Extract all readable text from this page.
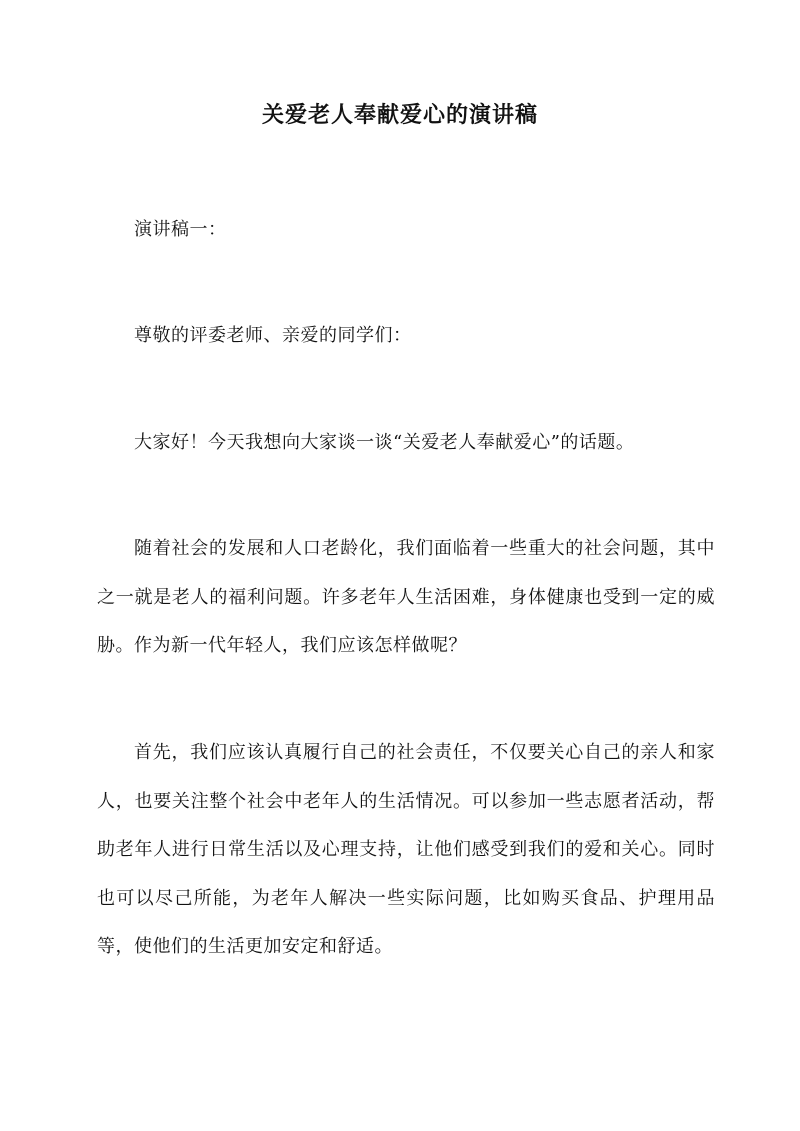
关爱老人奉献爱心的演讲稿
演讲稿一：
尊敬的评委老师、亲爱的同学们：
大家好！今天我想向大家谈一谈“关爱老人奉献爱心”的话题。
随着社会的发展和人口老龄化，我们面临着一些重大的社会问题，其中之一就是老人的福利问题。许多老年人生活困难，身体健康也受到一定的威胁。作为新一代年轻人，我们应该怎样做呢？
首先，我们应该认真履行自己的社会责任，不仅要关心自己的亲人和家人，也要关注整个社会中老年人的生活情况。可以参加一些志愿者活动，帮助老年人进行日常生活以及心理支持，让他们感受到我们的爱和关心。同时也可以尽己所能，为老年人解决一些实际问题，比如购买食品、护理用品等，使他们的生活更加安定和舒适。
